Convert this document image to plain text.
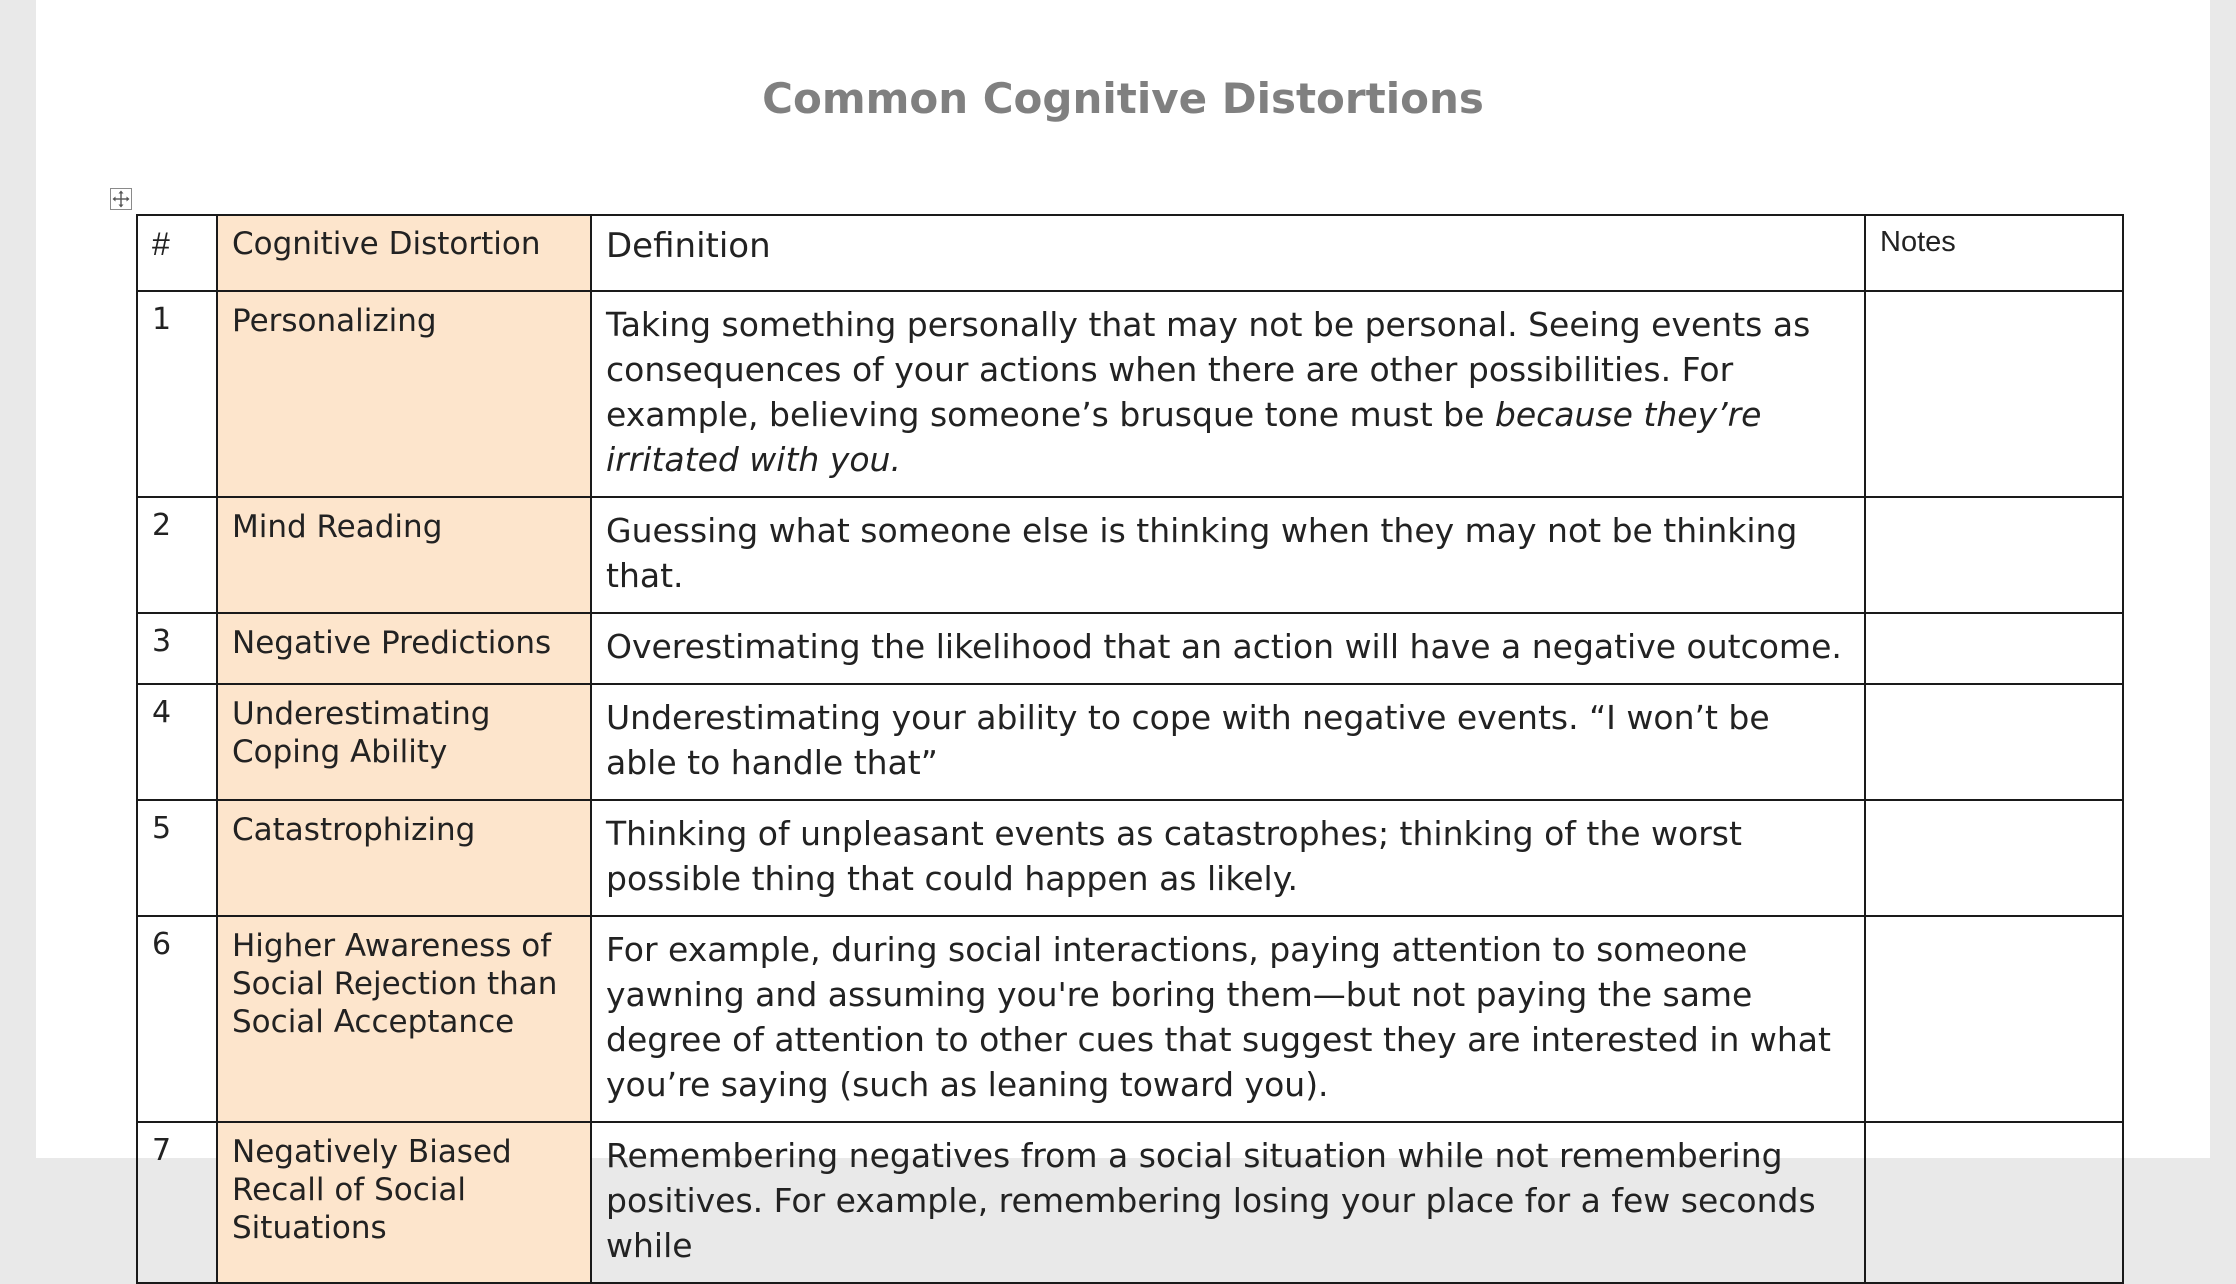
Common Cognitive Distortions
#	Cognitive Distortion	Definition	Notes
1	Personalizing	Taking something personally that may not be personal. Seeing events as consequences of your actions when there are other possibilities. For example, believing someone’s brusque tone must be because they’re irritated with you.	
2	Mind Reading	Guessing what someone else is thinking when they may not be thinking that.	
3	Negative Predictions	Overestimating the likelihood that an action will have a negative outcome.	
4	Underestimating Coping Ability	Underestimating your ability to cope with negative events. “I won’t be able to handle that”	
5	Catastrophizing	Thinking of unpleasant events as catastrophes; thinking of the worst possible thing that could happen as likely.	
6	Higher Awareness of Social Rejection than Social Acceptance	For example, during social interactions, paying attention to someone yawning and assuming you're boring them—but not paying the same degree of attention to other cues that suggest they are interested in what you’re saying (such as leaning toward you).	
7	Negatively Biased Recall of Social Situations	Remembering negatives from a social situation while not remembering positives. For example, remembering losing your place for a few seconds while	
